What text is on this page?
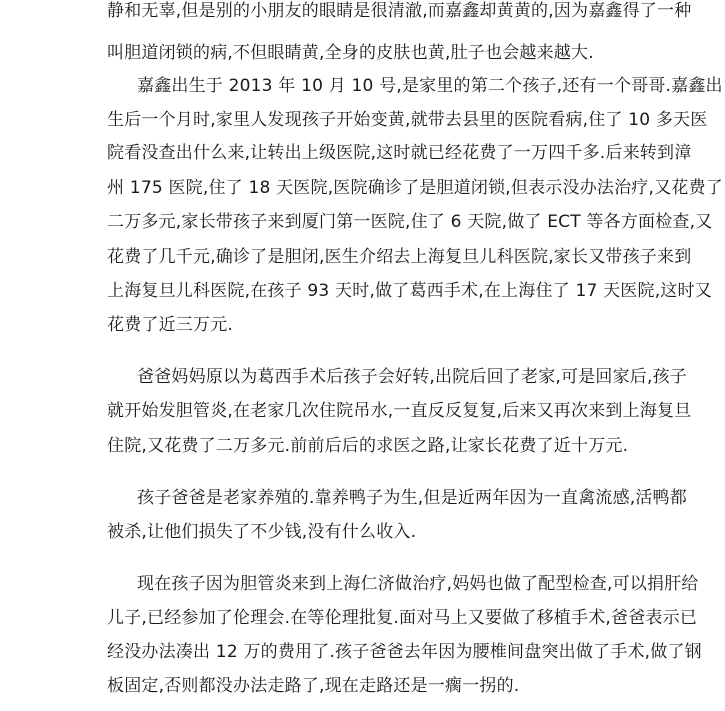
静和无辜,但是别的小朋友的眼睛是很清澈,而嘉鑫却黄黄的,因为嘉鑫得了一种
叫胆道闭锁的病,不但眼睛黄,全身的皮肤也黄,肚子也会越来越大.
嘉鑫出生于 2013 年 10 月 10 号,是家里的第二个孩子,还有一个哥哥.嘉鑫出
生后一个月时,家里人发现孩子开始变黄,就带去县里的医院看病,住了 10 多天医
院看没查出什么来,让转出上级医院,这时就已经花费了一万四千多.后来转到漳
州 175 医院,住了 18 天医院,医院确诊了是胆道闭锁,但表示没办法治疗,又花费了
二万多元,家长带孩子来到厦门第一医院,住了 6 天院,做了 ECT 等各方面检查,又
花费了几千元,确诊了是胆闭,医生介绍去上海复旦儿科医院,家长又带孩子来到
上海复旦儿科医院,在孩子 93 天时,做了葛西手术,在上海住了 17 天医院,这时又
花费了近三万元.
爸爸妈妈原以为葛西手术后孩子会好转,出院后回了老家,可是回家后,孩子
就开始发胆管炎,在老家几次住院吊水,一直反反复复,后来又再次来到上海复旦
住院,又花费了二万多元.前前后后的求医之路,让家长花费了近十万元.
孩子爸爸是老家养殖的.靠养鸭子为生,但是近两年因为一直禽流感,活鸭都
被杀,让他们损失了不少钱,没有什么收入.
现在孩子因为胆管炎来到上海仁济做治疗,妈妈也做了配型检查,可以捐肝给
儿子,已经参加了伦理会.在等伦理批复.面对马上又要做了移植手术,爸爸表示已
经没办法凑出 12 万的费用了.孩子爸爸去年因为腰椎间盘突出做了手术,做了钢
板固定,否则都没办法走路了,现在走路还是一瘸一拐的.
